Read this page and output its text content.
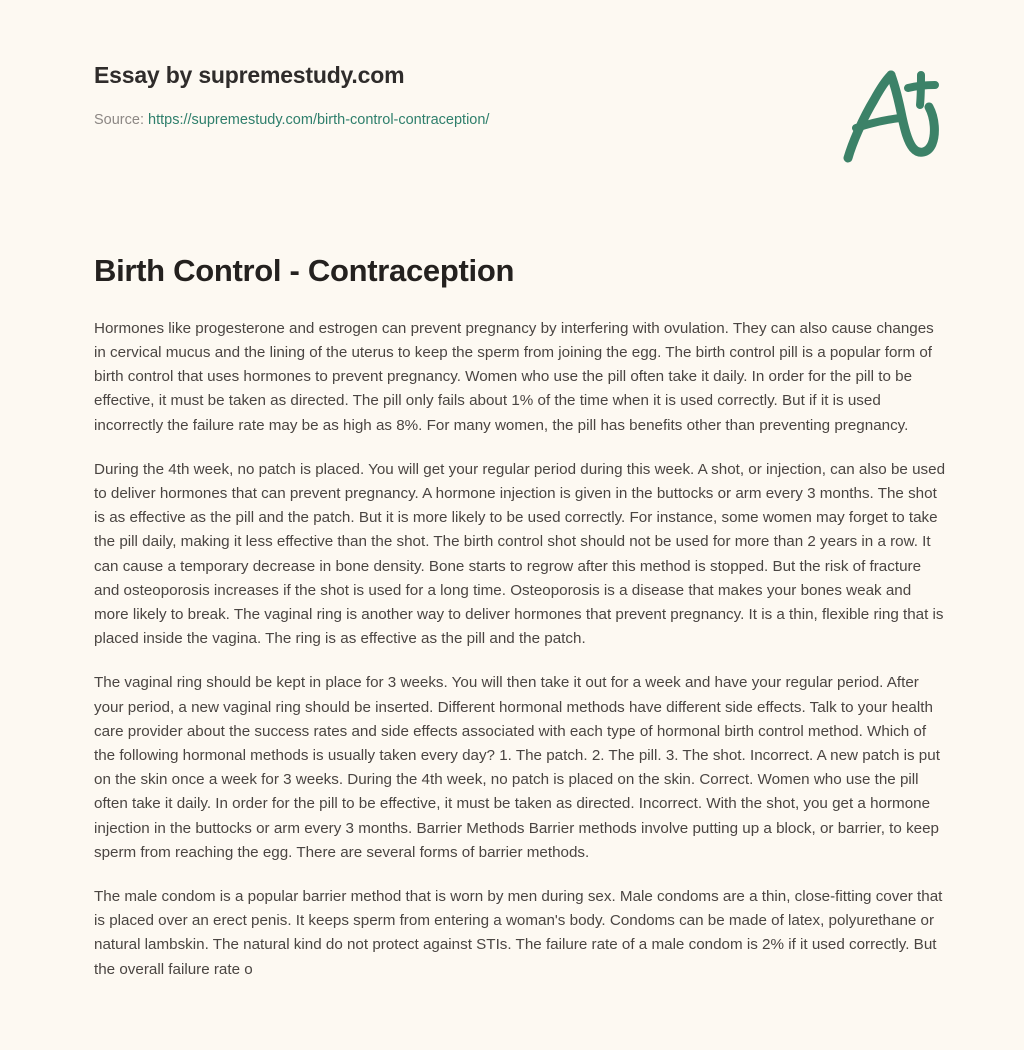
Essay by supremestudy.com
Source: https://supremestudy.com/birth-control-contraception/
Birth Control - Contraception

Hormones like progesterone and estrogen can prevent pregnancy by interfering with ovulation. They can also cause changes in cervical mucus and the lining of the uterus to keep the sperm from joining the egg. The birth control pill is a popular form of birth control that uses hormones to prevent pregnancy. Women who use the pill often take it daily. In order for the pill to be effective, it must be taken as directed. The pill only fails about 1% of the time when it is used correctly. But if it is used incorrectly the failure rate may be as high as 8%. For many women, the pill has benefits other than preventing pregnancy.

During the 4th week, no patch is placed. You will get your regular period during this week. A shot, or injection, can also be used to deliver hormones that can prevent pregnancy. A hormone injection is given in the buttocks or arm every 3 months. The shot is as effective as the pill and the patch. But it is more likely to be used correctly. For instance, some women may forget to take the pill daily, making it less effective than the shot. The birth control shot should not be used for more than 2 years in a row. It can cause a temporary decrease in bone density. Bone starts to regrow after this method is stopped. But the risk of fracture and osteoporosis increases if the shot is used for a long time. Osteoporosis is a disease that makes your bones weak and more likely to break. The vaginal ring is another way to deliver hormones that prevent pregnancy. It is a thin, flexible ring that is placed inside the vagina. The ring is as effective as the pill and the patch.

The vaginal ring should be kept in place for 3 weeks. You will then take it out for a week and have your regular period. After your period, a new vaginal ring should be inserted. Different hormonal methods have different side effects. Talk to your health care provider about the success rates and side effects associated with each type of hormonal birth control method. Which of the following hormonal methods is usually taken every day? 1. The patch. 2. The pill. 3. The shot. Incorrect. A new patch is put on the skin once a week for 3 weeks. During the 4th week, no patch is placed on the skin. Correct. Women who use the pill often take it daily. In order for the pill to be effective, it must be taken as directed. Incorrect. With the shot, you get a hormone injection in the buttocks or arm every 3 months. Barrier Methods Barrier methods involve putting up a block, or barrier, to keep sperm from reaching the egg. There are several forms of barrier methods.

The male condom is a popular barrier method that is worn by men during sex. Male condoms are a thin, close-fitting cover that is placed over an erect penis. It keeps sperm from entering a woman's body. Condoms can be made of latex, polyurethane or natural lambskin. The natural kind do not protect against STIs. The failure rate of a male condom is 2% if it used correctly. But the overall failure rate o
